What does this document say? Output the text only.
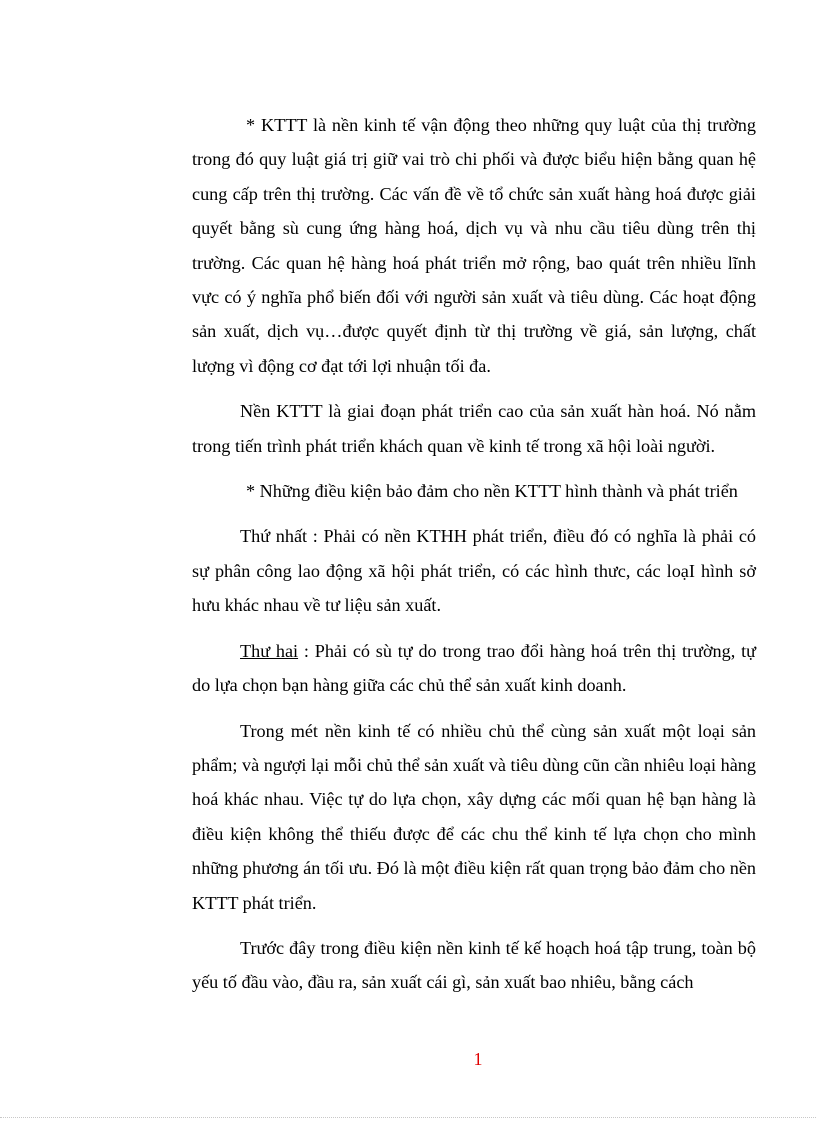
* KTTT là nền kinh tế vận động theo những quy luật của thị trường trong đó quy luật giá trị giữ vai trò chi phối và được biểu hiện bằng quan hệ cung cấp trên thị trường. Các vấn đề về tổ chức sản xuất hàng hoá được giải quyết bằng sù cung ứng hàng hoá, dịch vụ và nhu cầu tiêu dùng trên thị trường. Các quan hệ hàng hoá phát triển mở rộng, bao quát trên nhiều lĩnh vực có ý nghĩa phổ biến đối với người sản xuất và tiêu dùng. Các hoạt động sản xuất, dịch vụ…được quyết định từ thị trường về giá, sản lượng, chất lượng vì động cơ đạt tới lợi nhuận tối đa.

Nền KTTT là giai đoạn phát triển cao của sản xuất hàn hoá. Nó nằm trong tiến trình phát triển khách quan về kinh tế trong xã hội loài người.

* Những điều kiện bảo đảm cho nền KTTT hình thành và phát triển

Thứ nhất : Phải có nền KTHH phát triển, điều đó có nghĩa là phải có sự phân công lao động xã hội phát triển, có các hình thưc, các loạI hình sở hưu khác nhau về tư liệu sản xuất.

Thư hai : Phải có sù tự do trong trao đổi hàng hoá trên thị trường, tự do lựa chọn bạn hàng giữa các chủ thể sản xuất kinh doanh.

Trong mét nền kinh tế có nhiều chủ thể cùng sản xuất một loại sản phẩm; và ngượi lại mỗi chủ thể sản xuất và tiêu dùng cũn cần nhiêu loại hàng hoá khác nhau. Việc tự do lựa chọn, xây dựng các mối quan hệ bạn hàng là điều kiện không thể thiếu được để các chu thể kinh tế lựa chọn cho mình những phương án tối ưu. Đó là một điều kiện rất quan trọng bảo đảm cho nền KTTT phát triển.

Trước đây trong điều kiện nền kinh tế kế hoạch hoá tập trung, toàn bộ yếu tố đầu vào, đầu ra, sản xuất cái gì, sản xuất bao nhiêu, bằng cách

1
